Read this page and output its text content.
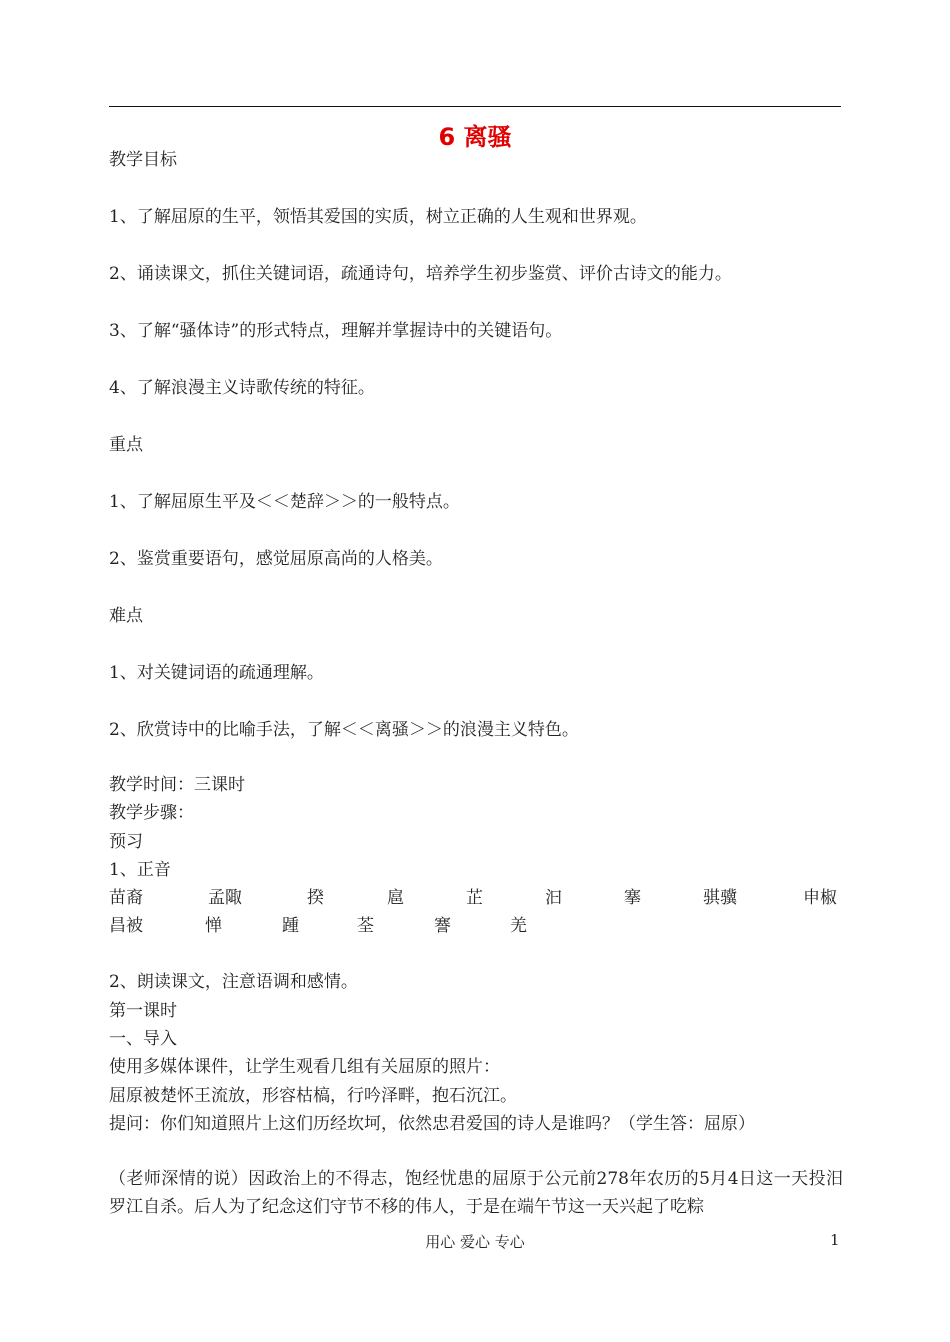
6 离骚
教学目标
1、了解屈原的生平，领悟其爱国的实质，树立正确的人生观和世界观。
2、诵读课文，抓住关键词语，疏通诗句，培养学生初步鉴赏、评价古诗文的能力。
3、了解“骚体诗”的形式特点，理解并掌握诗中的关键语句。
4、了解浪漫主义诗歌传统的特征。
重点
1、了解屈原生平及＜＜楚辞＞＞的一般特点。
2、鉴赏重要语句，感觉屈原高尚的人格美。
难点
1、对关键词语的疏通理解。
2、欣赏诗中的比喻手法，了解＜＜离骚＞＞的浪漫主义特色。
教学时间：三课时
教学步骤：
预习
1、正音
苗裔	孟陬	揆	扈	芷	汩	搴	骐骥	申椒
昌被	惮	踵	荃	謇	羌
2、朗读课文，注意语调和感情。
第一课时
一、导入
使用多媒体课件，让学生观看几组有关屈原的照片：
屈原被楚怀王流放，形容枯槁，行吟泽畔，抱石沉江。
提问：你们知道照片上这们历经坎坷，依然忠君爱国的诗人是谁吗？（学生答：屈原）
（老师深情的说）因政治上的不得志，饱经忧患的屈原于公元前278年农历的5月4日这一天投汨罗江自杀。后人为了纪念这们守节不移的伟人，于是在端午节这一天兴起了吃粽
用心 爱心 专心	1
